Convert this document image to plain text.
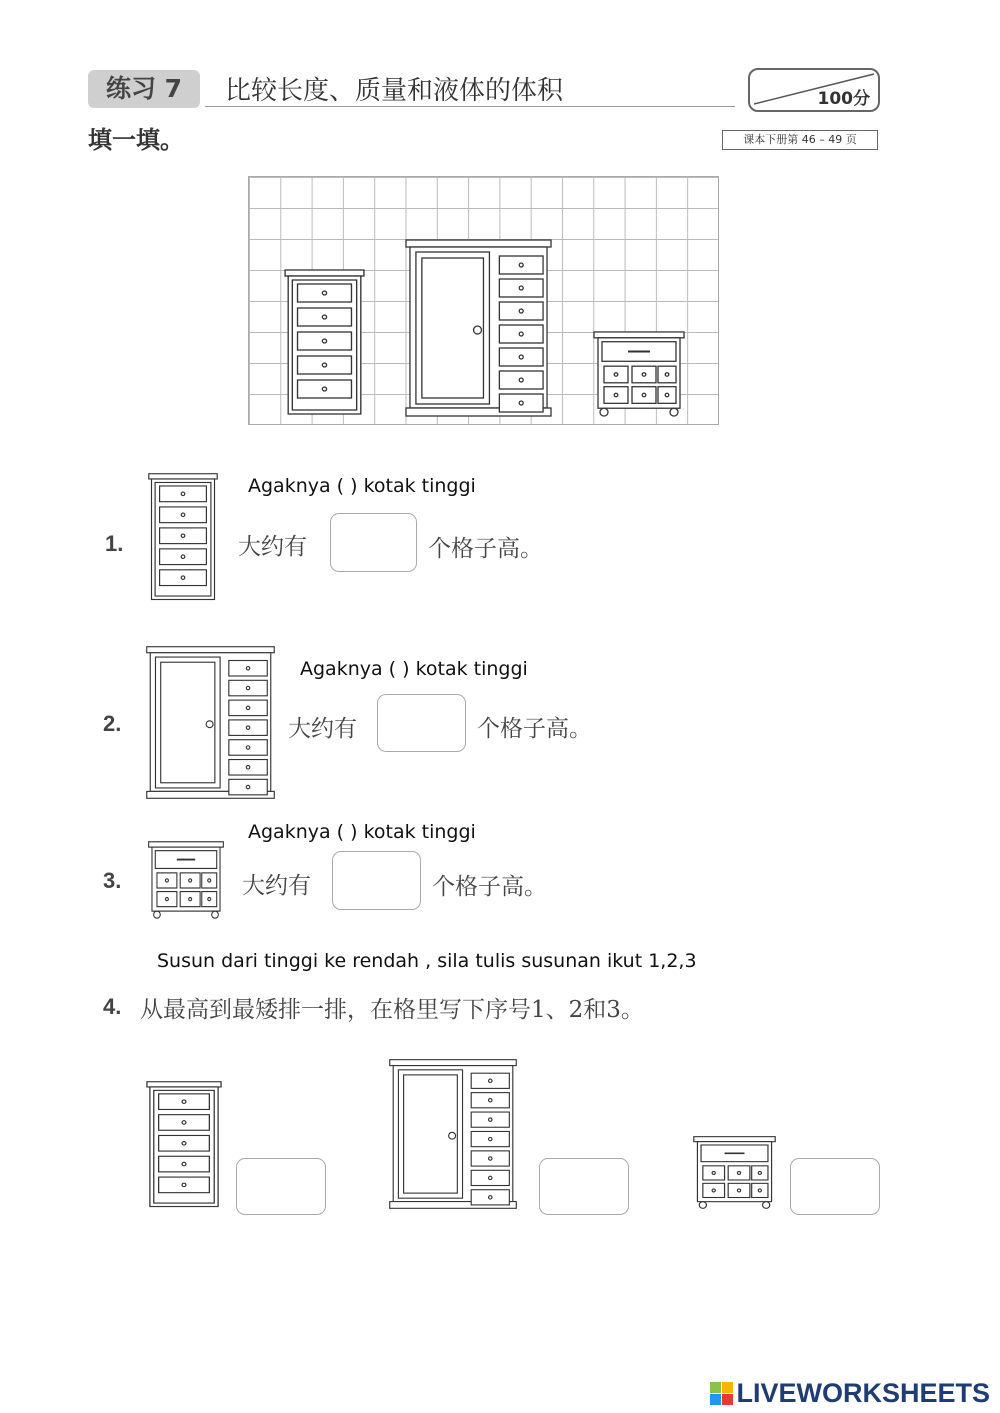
练习 7	比较长度、质量和液体的体积	100分
填一填。	课本下册第 46 – 49 页
1.
Agaknya ( ) kotak tinggi
大约有	个格子高。
2.
Agaknya ( ) kotak tinggi
大约有	个格子高。
3.
Agaknya ( ) kotak tinggi
大约有	个格子高。
Susun dari tinggi ke rendah , sila tulis susunan ikut 1,2,3
4. 从最高到最矮排一排，在格里写下序号1、2和3。
LIVEWORKSHEETS
